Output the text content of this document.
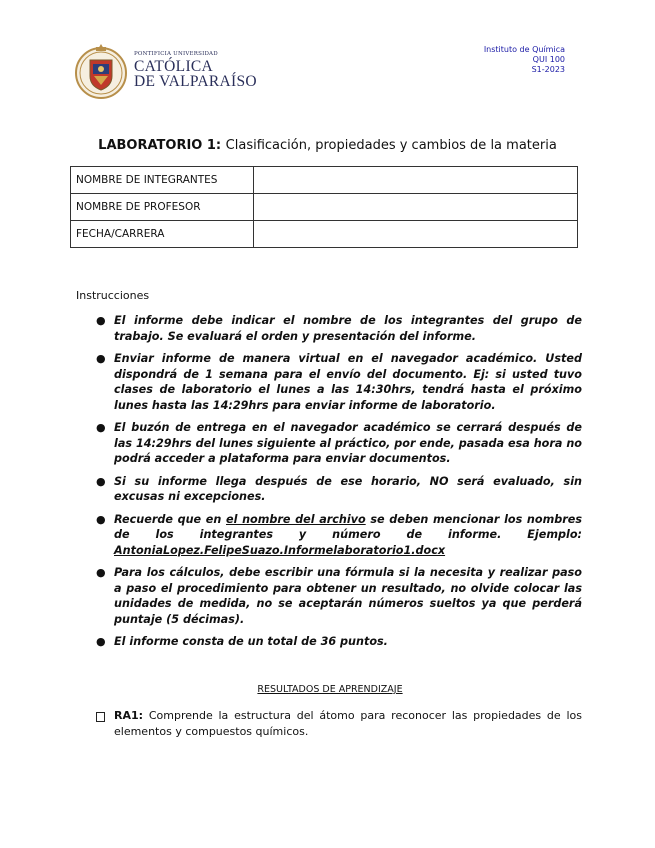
PONTIFICIA UNIVERSIDAD
CATÓLICA
DE VALPARAÍSO
Instituto de Química
QUI 100
S1-2023
LABORATORIO 1: Clasificación, propiedades y cambios de la materia
NOMBRE DE INTEGRANTES	
NOMBRE DE PROFESOR	
FECHA/CARRERA	
Instrucciones
● El informe debe indicar el nombre de los integrantes del grupo de trabajo. Se evaluará el orden y presentación del informe.
● Enviar informe de manera virtual en el navegador académico. Usted dispondrá de 1 semana para el envío del documento. Ej: si usted tuvo clases de laboratorio el lunes a las 14:30hrs, tendrá hasta el próximo lunes hasta las 14:29hrs para enviar informe de laboratorio.
● El buzón de entrega en el navegador académico se cerrará después de las 14:29hrs del lunes siguiente al práctico, por ende, pasada esa hora no podrá acceder a plataforma para enviar documentos.
● Si su informe llega después de ese horario, NO será evaluado, sin excusas ni excepciones.
● Recuerde que en el nombre del archivo se deben mencionar los nombres de los integrantes y número de informe. Ejemplo: AntoniaLopez.FelipeSuazo.Informelaboratorio1.docx
● Para los cálculos, debe escribir una fórmula si la necesita y realizar paso a paso el procedimiento para obtener un resultado, no olvide colocar las unidades de medida, no se aceptarán números sueltos ya que perderá puntaje (5 décimas).
● El informe consta de un total de 36 puntos.
RESULTADOS DE APRENDIZAJE
RA1: Comprende la estructura del átomo para reconocer las propiedades de los elementos y compuestos químicos.
